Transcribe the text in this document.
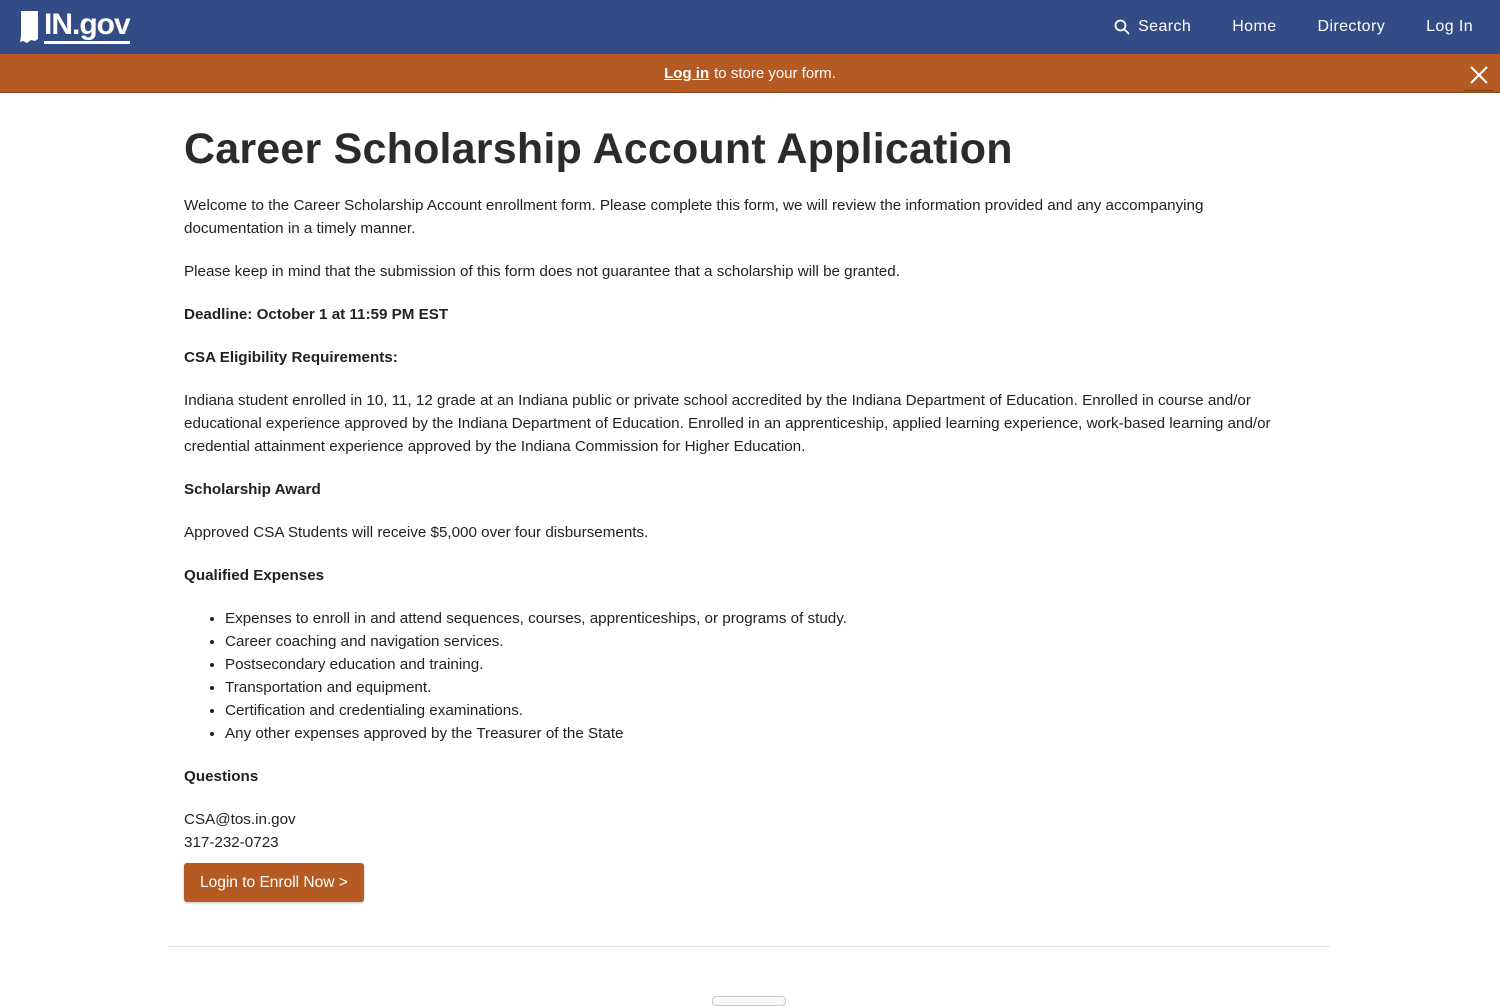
IN.gov	Search	Home	Directory	Log In
Log in to store your form.
Career Scholarship Account Application

Welcome to the Career Scholarship Account enrollment form. Please complete this form, we will review the information provided and any accompanying documentation in a timely manner.

Please keep in mind that the submission of this form does not guarantee that a scholarship will be granted.

Deadline: October 1 at 11:59 PM EST

CSA Eligibility Requirements:

Indiana student enrolled in 10, 11, 12 grade at an Indiana public or private school accredited by the Indiana Department of Education. Enrolled in course and/or educational experience approved by the Indiana Department of Education. Enrolled in an apprenticeship, applied learning experience, work-based learning and/or credential attainment experience approved by the Indiana Commission for Higher Education.

Scholarship Award

Approved CSA Students will receive $5,000 over four disbursements.

Qualified Expenses

• Expenses to enroll in and attend sequences, courses, apprenticeships, or programs of study.
• Career coaching and navigation services.
• Postsecondary education and training.
• Transportation and equipment.
• Certification and credentialing examinations.
• Any other expenses approved by the Treasurer of the State

Questions

CSA@tos.in.gov
317-232-0723
Login to Enroll Now >
